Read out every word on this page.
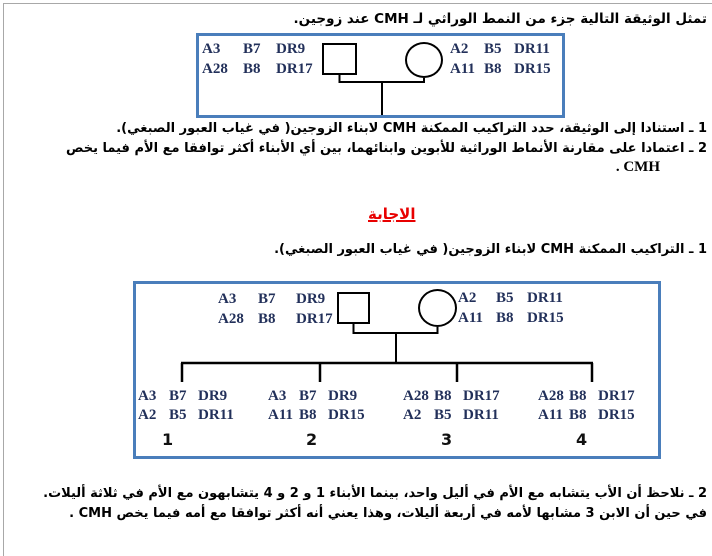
تمثل الوثيقة التالية جزء من النمط الوراثي لـ CMH عند زوجين.
A3	B7	DR9
A28	B8	DR17
A2	B5 DR11
A11 B8 DR15
1 ـ استنادا إلى الوثيقة، حدد التراكيب الممكنة CMH لابناء الزوجين( في غياب العبور الصبغي).
2 ـ اعتمادا على مقارنة الأنماط الوراثية للأبوين وابنائهما، بين أي الأبناء أكثر توافقا مع الأم فيما يخص
. CMH
الاجابة
1 ـ التراكيب الممكنة CMH لابناء الزوجين( في غياب العبور الصبغي).
A3	B7	DR9
A28 B8	DR17
A2	B5 DR11
A11 B8 DR15
A3 B7 DR9
A2 B5 DR11
1
A3 B7 DR9
A11 B8 DR15
2
A28 B8 DR17
A2 B5 DR11
3
A28 B8 DR17
A11 B8 DR15
4
2 ـ نلاحظ أن الأب يتشابه مع الأم في أليل واحد، بينما الأبناء 1 و 2 و 4 يتشابهون مع الأم في ثلاثة أليلات.
في حين أن الابن 3 مشابها لأمه في أربعة أليلات، وهذا يعني أنه أكثر توافقا مع أمه فيما يخص CMH .
